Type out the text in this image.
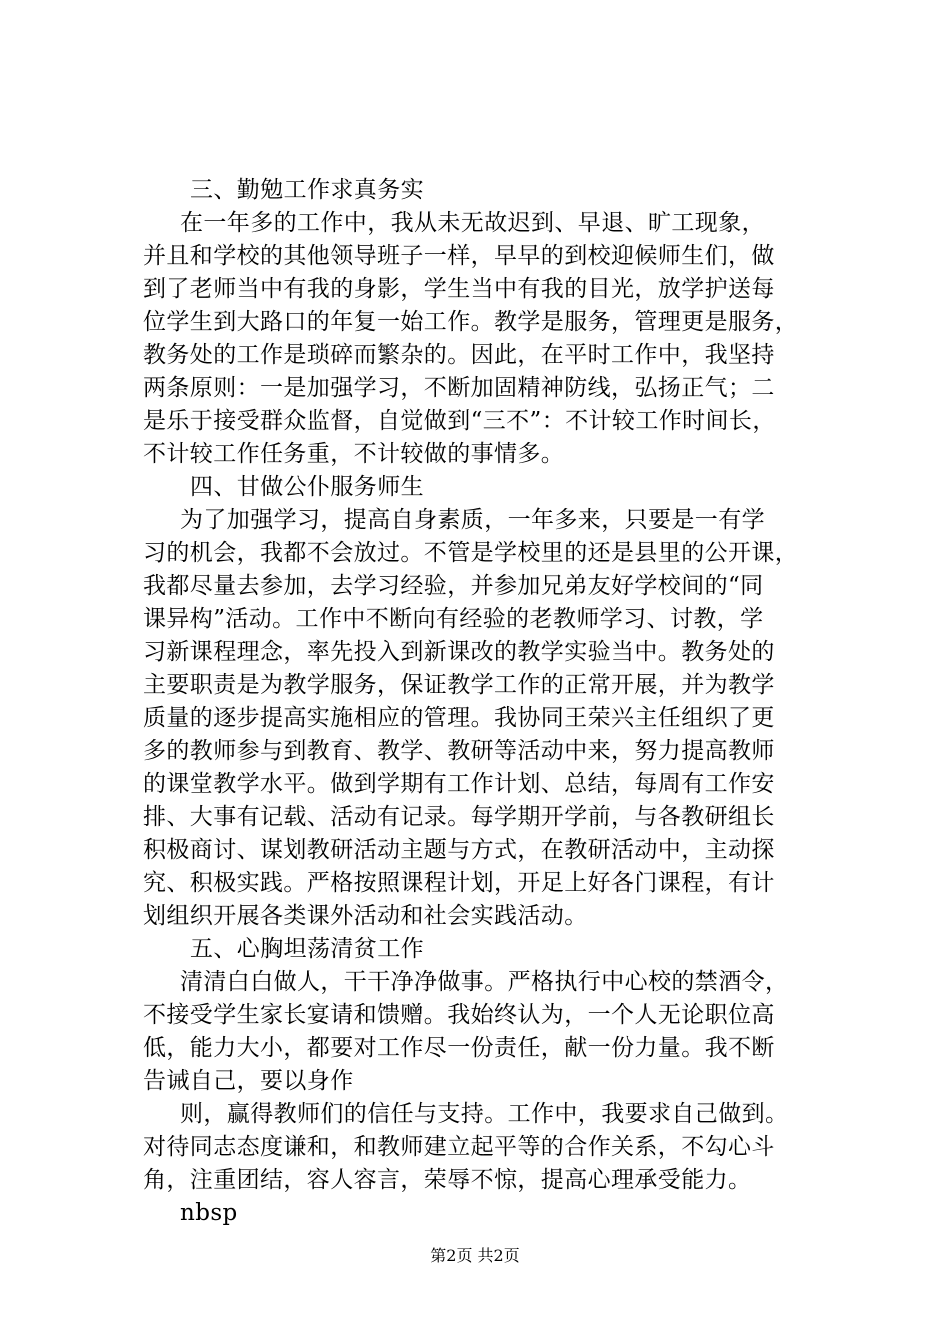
三、勤勉工作求真务实
在一年多的工作中，我从未无故迟到、早退、旷工现象，
并且和学校的其他领导班子一样，早早的到校迎候师生们，做
到了老师当中有我的身影，学生当中有我的目光，放学护送每
位学生到大路口的年复一始工作。教学是服务，管理更是服务，
教务处的工作是琐碎而繁杂的。因此，在平时工作中，我坚持
两条原则：一是加强学习，不断加固精神防线，弘扬正气；二
是乐于接受群众监督，自觉做到“三不”：不计较工作时间长，
不计较工作任务重，不计较做的事情多。
四、甘做公仆服务师生
为了加强学习，提高自身素质，一年多来，只要是一有学
习的机会，我都不会放过。不管是学校里的还是县里的公开课，
我都尽量去参加，去学习经验，并参加兄弟友好学校间的“同
课异构”活动。工作中不断向有经验的老教师学习、讨教，学
习新课程理念，率先投入到新课改的教学实验当中。教务处的
主要职责是为教学服务，保证教学工作的正常开展，并为教学
质量的逐步提高实施相应的管理。我协同王荣兴主任组织了更
多的教师参与到教育、教学、教研等活动中来，努力提高教师
的课堂教学水平。做到学期有工作计划、总结，每周有工作安
排、大事有记载、活动有记录。每学期开学前，与各教研组长
积极商讨、谋划教研活动主题与方式，在教研活动中，主动探
究、积极实践。严格按照课程计划，开足上好各门课程，有计
划组织开展各类课外活动和社会实践活动。
五、心胸坦荡清贫工作
清清白白做人，干干净净做事。严格执行中心校的禁酒令，
不接受学生家长宴请和馈赠。我始终认为，一个人无论职位高
低，能力大小，都要对工作尽一份责任，献一份力量。我不断
告诫自己，要以身作
则，赢得教师们的信任与支持。工作中，我要求自己做到。
对待同志态度谦和，和教师建立起平等的合作关系，不勾心斗
角，注重团结，容人容言，荣辱不惊，提高心理承受能力。
nbsp
第2页 共2页
